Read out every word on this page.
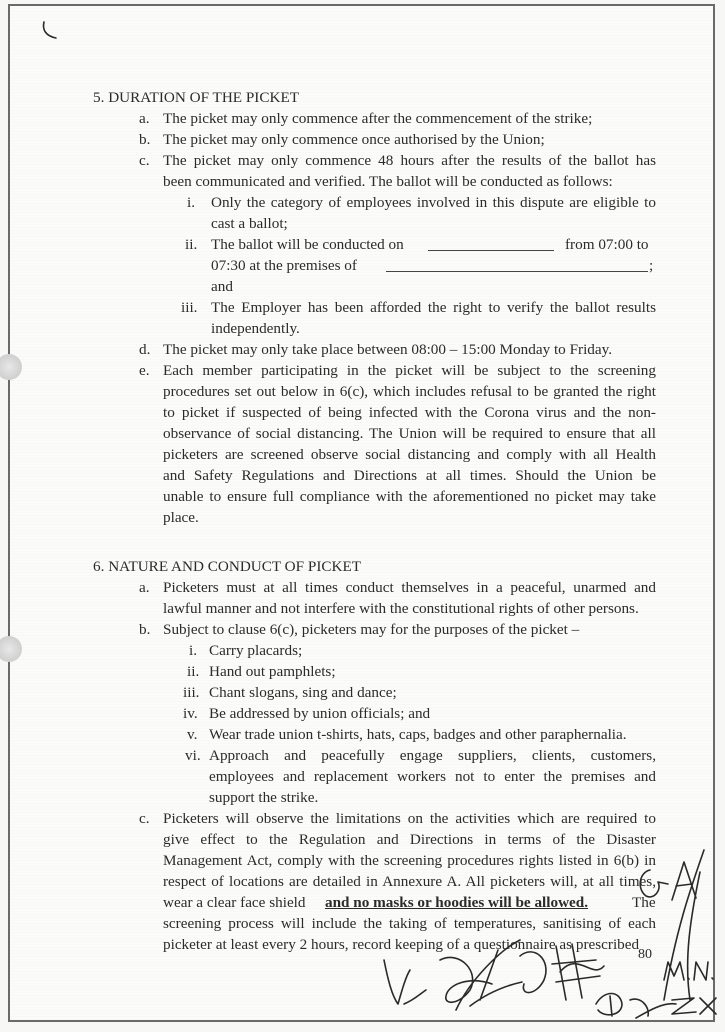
5. DURATION OF THE PICKET
a. The picket may only commence after the commencement of the strike;
b. The picket may only commence once authorised by the Union;
c. The picket may only commence 48 hours after the results of the ballot has
been communicated and verified. The ballot will be conducted as follows:
i. Only the category of employees involved in this dispute are eligible to
cast a ballot;
ii. The ballot will be conducted on	from 07:00 to
07:30 at the premises of	;
and
iii. The Employer has been afforded the right to verify the ballot results
independently.
d. The picket may only take place between 08:00 – 15:00 Monday to Friday.
e. Each member participating in the picket will be subject to the screening
procedures set out below in 6(c), which includes refusal to be granted the right
to picket if suspected of being infected with the Corona virus and the non-
observance of social distancing. The Union will be required to ensure that all
picketers are screened observe social distancing and comply with all Health
and Safety Regulations and Directions at all times. Should the Union be
unable to ensure full compliance with the aforementioned no picket may take
place.
6. NATURE AND CONDUCT OF PICKET
a. Picketers must at all times conduct themselves in a peaceful, unarmed and
lawful manner and not interfere with the constitutional rights of other persons.
b. Subject to clause 6(c), picketers may for the purposes of the picket –
i. Carry placards;
ii. Hand out pamphlets;
iii. Chant slogans, sing and dance;
iv. Be addressed by union officials; and
v. Wear trade union t-shirts, hats, caps, badges and other paraphernalia.
vi. Approach and peacefully engage suppliers, clients, customers,
employees and replacement workers not to enter the premises and
support the strike.
c. Picketers will observe the limitations on the activities which are required to
give effect to the Regulation and Directions in terms of the Disaster
Management Act, comply with the screening procedures rights listed in 6(b) in
respect of locations are detailed in Annexure A. All picketers will, at all times,
wear a clear face shield and no masks or hoodies will be allowed.	The
screening process will include the taking of temperatures, sanitising of each
picketer at least every 2 hours, record keeping of a questionnaire as prescribed
80
